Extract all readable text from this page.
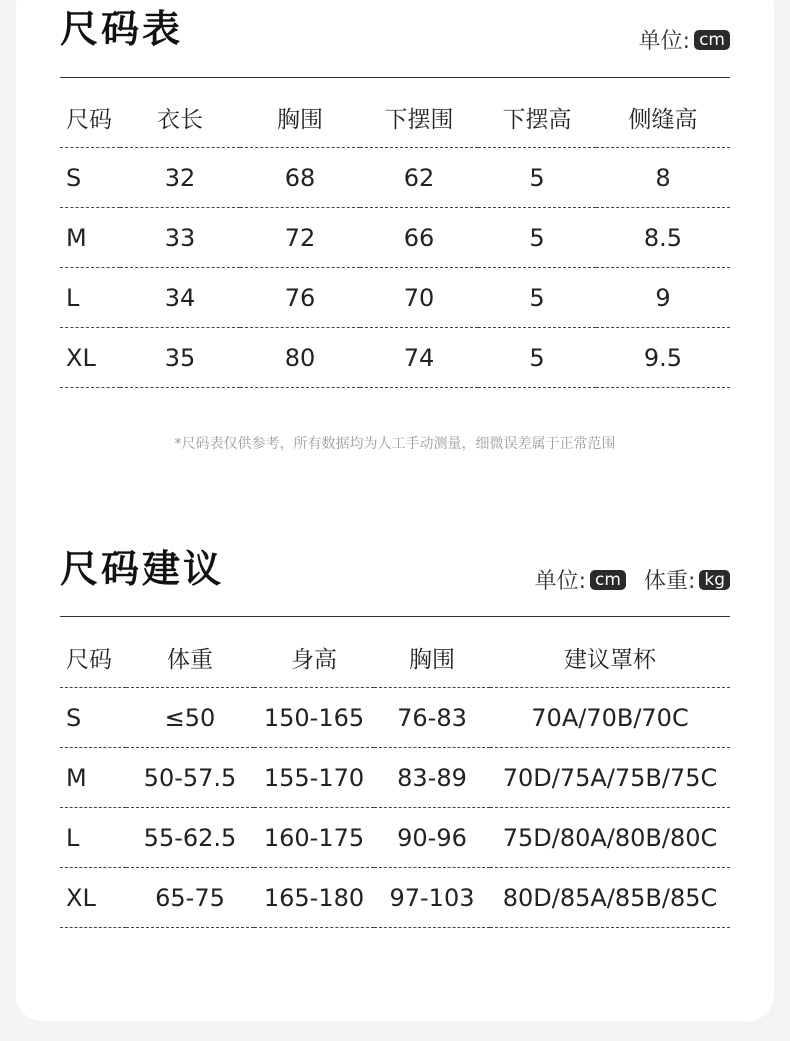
尺码表	单位: cm
尺码	衣长	胸围	下摆围	下摆高	侧缝高
S	32	68	62	5	8
M	33	72	66	5	8.5
L	34	76	70	5	9
XL	35	80	74	5	9.5
*尺码表仅供参考，所有数据均为人工手动测量，细微误差属于正常范围
尺码建议	单位: cm 体重: kg
尺码	体重	身高	胸围	建议罩杯
S	≤50	150-165	76-83	70A/70B/70C
M	50-57.5	155-170	83-89	70D/75A/75B/75C
L	55-62.5	160-175	90-96	75D/80A/80B/80C
XL	65-75	165-180	97-103	80D/85A/85B/85C
